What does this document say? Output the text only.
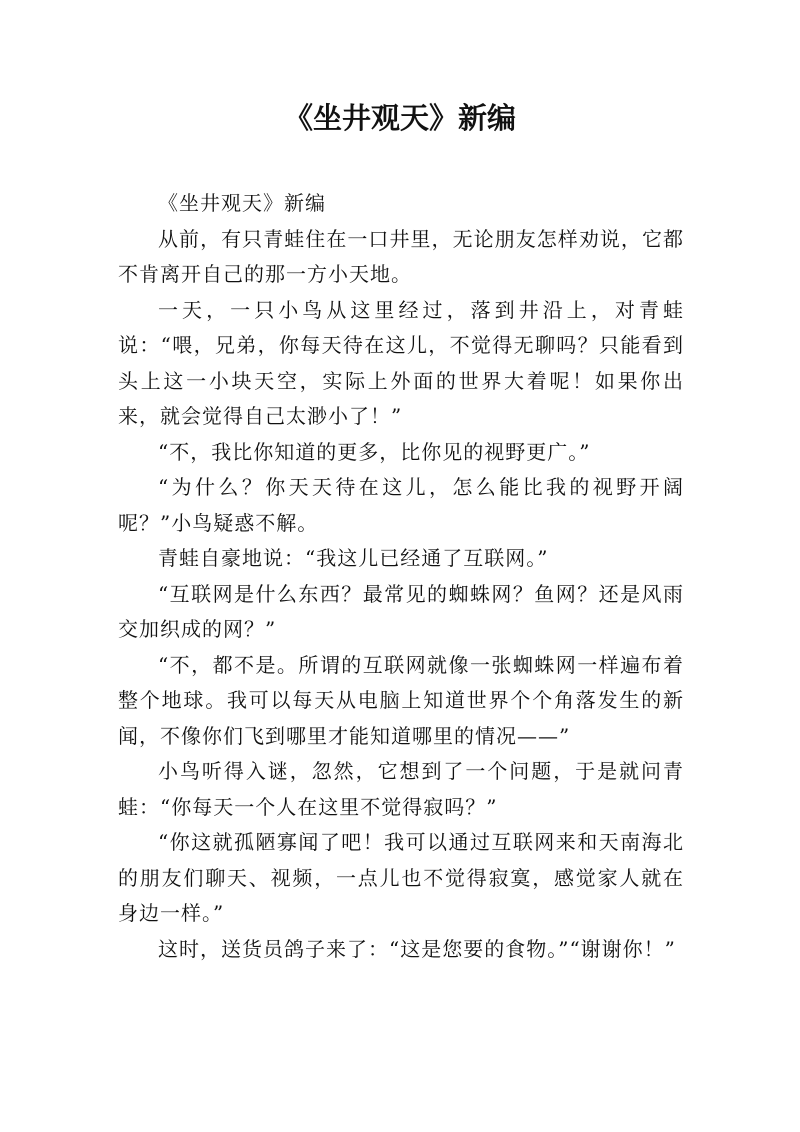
《坐井观天》新编

《坐井观天》新编

从前，有只青蛙住在一口井里，无论朋友怎样劝说，它都不肯离开自己的那一方小天地。

一天，一只小鸟从这里经过，落到井沿上，对青蛙说：“喂，兄弟，你每天待在这儿，不觉得无聊吗？只能看到头上这一小块天空，实际上外面的世界大着呢！如果你出来，就会觉得自己太渺小了！”

“不，我比你知道的更多，比你见的视野更广。”

“为什么？你天天待在这儿，怎么能比我的视野开阔呢？”小鸟疑惑不解。

青蛙自豪地说：“我这儿已经通了互联网。”

“互联网是什么东西？最常见的蜘蛛网？鱼网？还是风雨交加织成的网？”

“不，都不是。所谓的互联网就像一张蜘蛛网一样遍布着整个地球。我可以每天从电脑上知道世界个个角落发生的新闻，不像你们飞到哪里才能知道哪里的情况——”

小鸟听得入谜，忽然，它想到了一个问题，于是就问青蛙：“你每天一个人在这里不觉得寂吗？”

“你这就孤陋寡闻了吧！我可以通过互联网来和天南海北的朋友们聊天、视频，一点儿也不觉得寂寞，感觉家人就在身边一样。”

这时，送货员鸽子来了：“这是您要的食物。”“谢谢你！”
